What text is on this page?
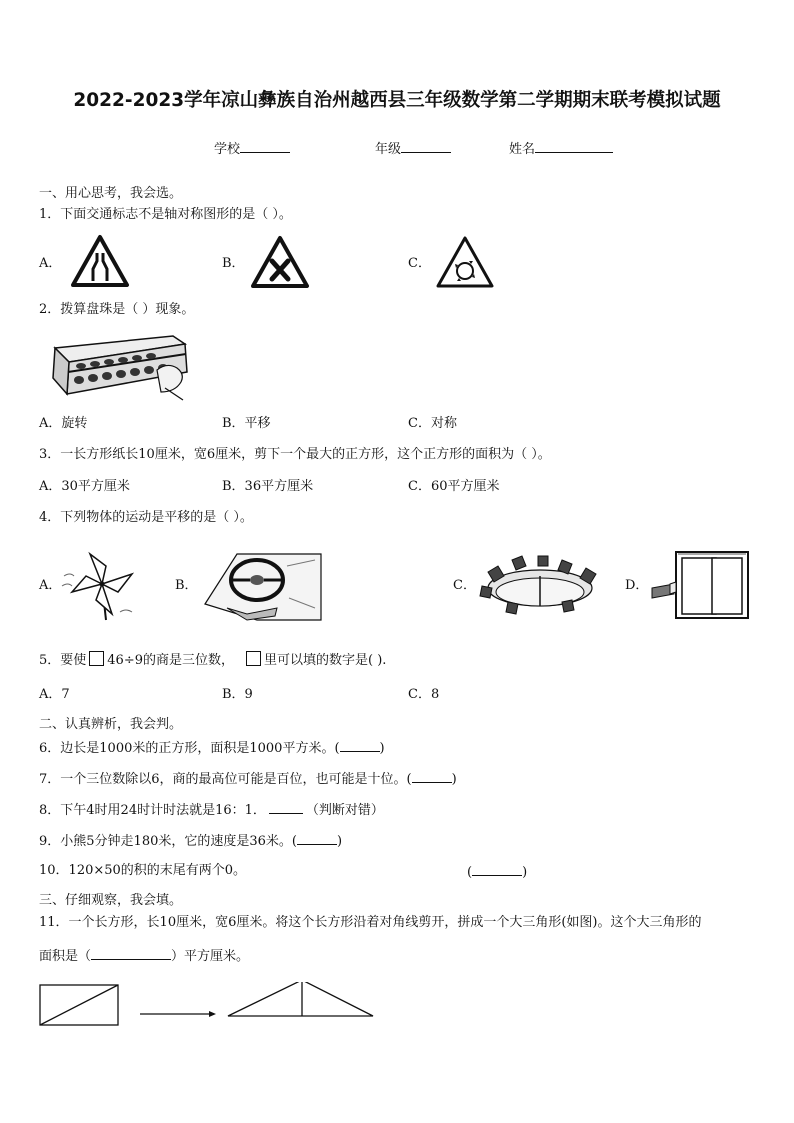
2022-2023学年凉山彝族自治州越西县三年级数学第二学期期末联考模拟试题
学校	年级	姓名
一、用心思考，我会选。
1．下面交通标志不是轴对称图形的是（ ）。
A．	B．	C．
2．拨算盘珠是（ ）现象。
A．旋转	B．平移	C．对称
3．一长方形纸长10厘米，宽6厘米，剪下一个最大的正方形，这个正方形的面积为（ ）。
A．30平方厘米	B．36平方厘米	C．60平方厘米
4．下列物体的运动是平移的是（ ）。
A．	B．	C．	D．
5．要使 46÷9的商是三位数， 里可以填的数字是( ).
A．7	B．9	C．8
二、认真辨析，我会判。
6．边长是1000米的正方形，面积是1000平方米。(	)
7．一个三位数除以6，商的最高位可能是百位，也可能是十位。(	)
8．下午4时用24时计时法就是16：1．	（判断对错）
9．小熊5分钟走180米，它的速度是36米。(	)
10．120×50的积的末尾有两个0。	(	)
三、仔细观察，我会填。
11．一个长方形，长10厘米，宽6厘米。将这个长方形沿着对角线剪开，拼成一个大三角形(如图)。这个大三角形的
面积是（	）平方厘米。
